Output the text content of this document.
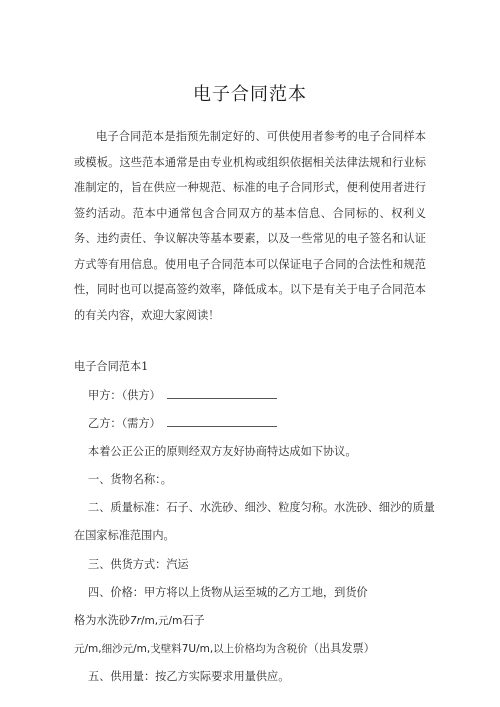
电子合同范本

电子合同范本是指预先制定好的、可供使用者参考的电子合同样本或模板。这些范本通常是由专业机构或组织依据相关法律法规和行业标准制定的，旨在供应一种规范、标准的电子合同形式，便利使用者进行签约活动。范本中通常包含合同双方的基本信息、合同标的、权利义务、违约责任、争议解决等基本要素，以及一些常见的电子签名和认证方式等有用信息。使用电子合同范本可以保证电子合同的合法性和规范性，同时也可以提高签约效率，降低成本。以下是有关于电子合同范本的有关内容，欢迎大家阅读！

电子合同范本1

甲方：（供方）

乙方：（需方）

本着公正公正的原则经双方友好协商特达成如下协议。

一、货物名称：。

二、质量标准：石子、水洗砂、细沙、粒度匀称。水洗砂、细沙的质量

在国家标准范围内。

三、供货方式：汽运

四、价格：甲方将以上货物从运至城的乙方工地，到货价

格为水洗砂7r/m,元/m石子

元/m,细沙元/m,戈壁料7U/m,以上价格均为含税价（出具发票）

五、供用量：按乙方实际要求用量供应。
